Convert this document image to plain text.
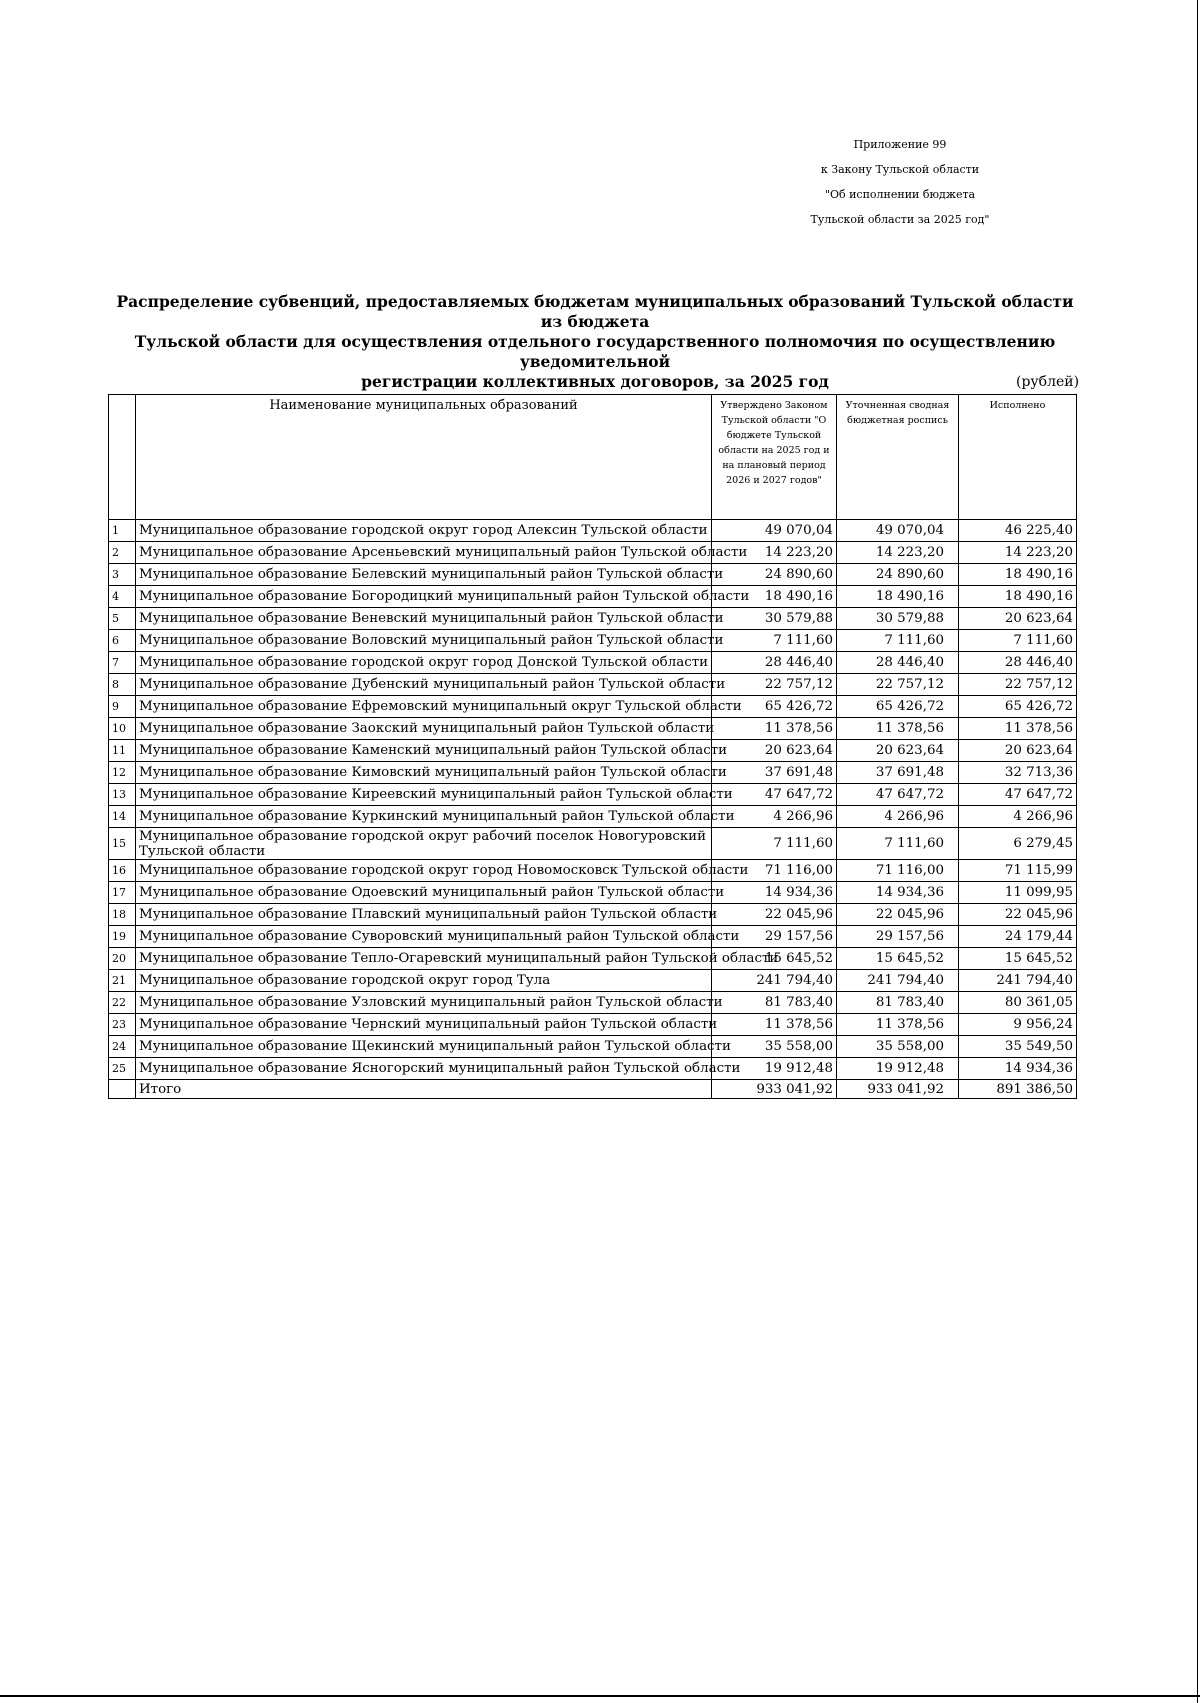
Приложение 99
к Закону Тульской области
"Об исполнении бюджета
Тульской области за 2025 год"
Распределение субвенций, предоставляемых бюджетам муниципальных образований Тульской области из бюджета
Тульской области для осуществления отдельного государственного полномочия по осуществлению уведомительной
регистрации коллективных договоров, за 2025 год	(рублей)
	Наименование муниципальных образований	Утверждено Законом Тульской области "О бюджете Тульской области на 2025 год и на плановый период 2026 и 2027 годов"	Уточненная сводная бюджетная роспись	Исполнено
1	Муниципальное образование городской округ город Алексин Тульской области	49 070,04	49 070,04	46 225,40
2	Муниципальное образование Арсеньевский муниципальный район Тульской области	14 223,20	14 223,20	14 223,20
3	Муниципальное образование Белевский муниципальный район Тульской области	24 890,60	24 890,60	18 490,16
4	Муниципальное образование Богородицкий муниципальный район Тульской области	18 490,16	18 490,16	18 490,16
5	Муниципальное образование Веневский муниципальный район Тульской области	30 579,88	30 579,88	20 623,64
6	Муниципальное образование Воловский муниципальный район Тульской области	7 111,60	7 111,60	7 111,60
7	Муниципальное образование городской округ город Донской Тульской области	28 446,40	28 446,40	28 446,40
8	Муниципальное образование Дубенский муниципальный район Тульской области	22 757,12	22 757,12	22 757,12
9	Муниципальное образование Ефремовский муниципальный округ Тульской области	65 426,72	65 426,72	65 426,72
10	Муниципальное образование Заокский муниципальный район Тульской области	11 378,56	11 378,56	11 378,56
11	Муниципальное образование Каменский муниципальный район Тульской области	20 623,64	20 623,64	20 623,64
12	Муниципальное образование Кимовский муниципальный район Тульской области	37 691,48	37 691,48	32 713,36
13	Муниципальное образование Киреевский муниципальный район Тульской области	47 647,72	47 647,72	47 647,72
14	Муниципальное образование Куркинский муниципальный район Тульской области	4 266,96	4 266,96	4 266,96
15	Муниципальное образование городской округ рабочий поселок Новогуровский Тульской области	7 111,60	7 111,60	6 279,45
16	Муниципальное образование городской округ город Новомосковск Тульской области	71 116,00	71 116,00	71 115,99
17	Муниципальное образование Одоевский муниципальный район Тульской области	14 934,36	14 934,36	11 099,95
18	Муниципальное образование Плавский муниципальный район Тульской области	22 045,96	22 045,96	22 045,96
19	Муниципальное образование Суворовский муниципальный район Тульской области	29 157,56	29 157,56	24 179,44
20	Муниципальное образование Тепло-Огаревский муниципальный район Тульской области	15 645,52	15 645,52	15 645,52
21	Муниципальное образование городской округ город Тула	241 794,40	241 794,40	241 794,40
22	Муниципальное образование Узловский муниципальный район Тульской области	81 783,40	81 783,40	80 361,05
23	Муниципальное образование Чернский муниципальный район Тульской области	11 378,56	11 378,56	9 956,24
24	Муниципальное образование Щекинский муниципальный район Тульской области	35 558,00	35 558,00	35 549,50
25	Муниципальное образование Ясногорский муниципальный район Тульской области	19 912,48	19 912,48	14 934,36
	Итого	933 041,92	933 041,92	891 386,50
